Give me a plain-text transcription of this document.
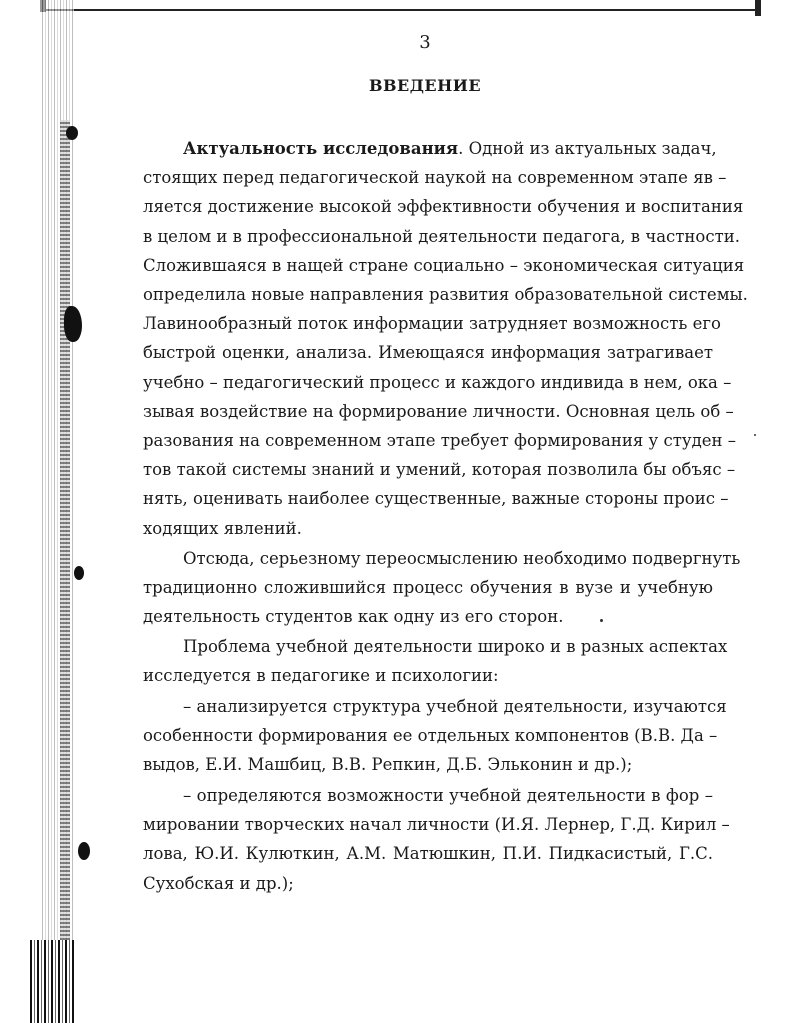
3
ВВЕДЕНИЕ
Актуальность исследования. Одной из актуальных задач,
стоящих перед педагогической наукой на современном этапе яв –
ляется достижение высокой эффективности обучения и воспитания
в целом и в профессиональной деятельности педагога, в частности.
Сложившаяся в нащей стране социально – экономическая ситуация
определила новые направления развития образовательной системы.
Лавинообразный поток информации затрудняет возможность его
быстрой оценки, анализа. Имеющаяся информация затрагивает
учебно – педагогический процесс и каждого индивида в нем, ока –
зывая воздействие на формирование личности. Основная цель об –
разования на современном этапе требует формирования у студен –
тов такой системы знаний и умений, которая позволила бы объяс –
нять, оценивать наиболее существенные, важные стороны проис –
ходящих явлений.
Отсюда, серьезному переосмыслению необходимо подвергнуть
традиционно сложившийся процесс обучения в вузе и учебную
деятельность студентов как одну из его сторон.
Проблема учебной деятельности широко и в разных аспектах
исследуется в педагогике и психологии:
– анализируется структура учебной деятельности, изучаются
особенности формирования ее отдельных компонентов (В.В. Да –
выдов, Е.И. Машбиц, В.В. Репкин, Д.Б. Эльконин и др.);
– определяются возможности учебной деятельности в фор –
мировании творческих начал личности (И.Я. Лернер, Г.Д. Кирил –
лова, Ю.И. Кулюткин, А.М. Матюшкин, П.И. Пидкасистый, Г.С.
Сухобская и др.);
